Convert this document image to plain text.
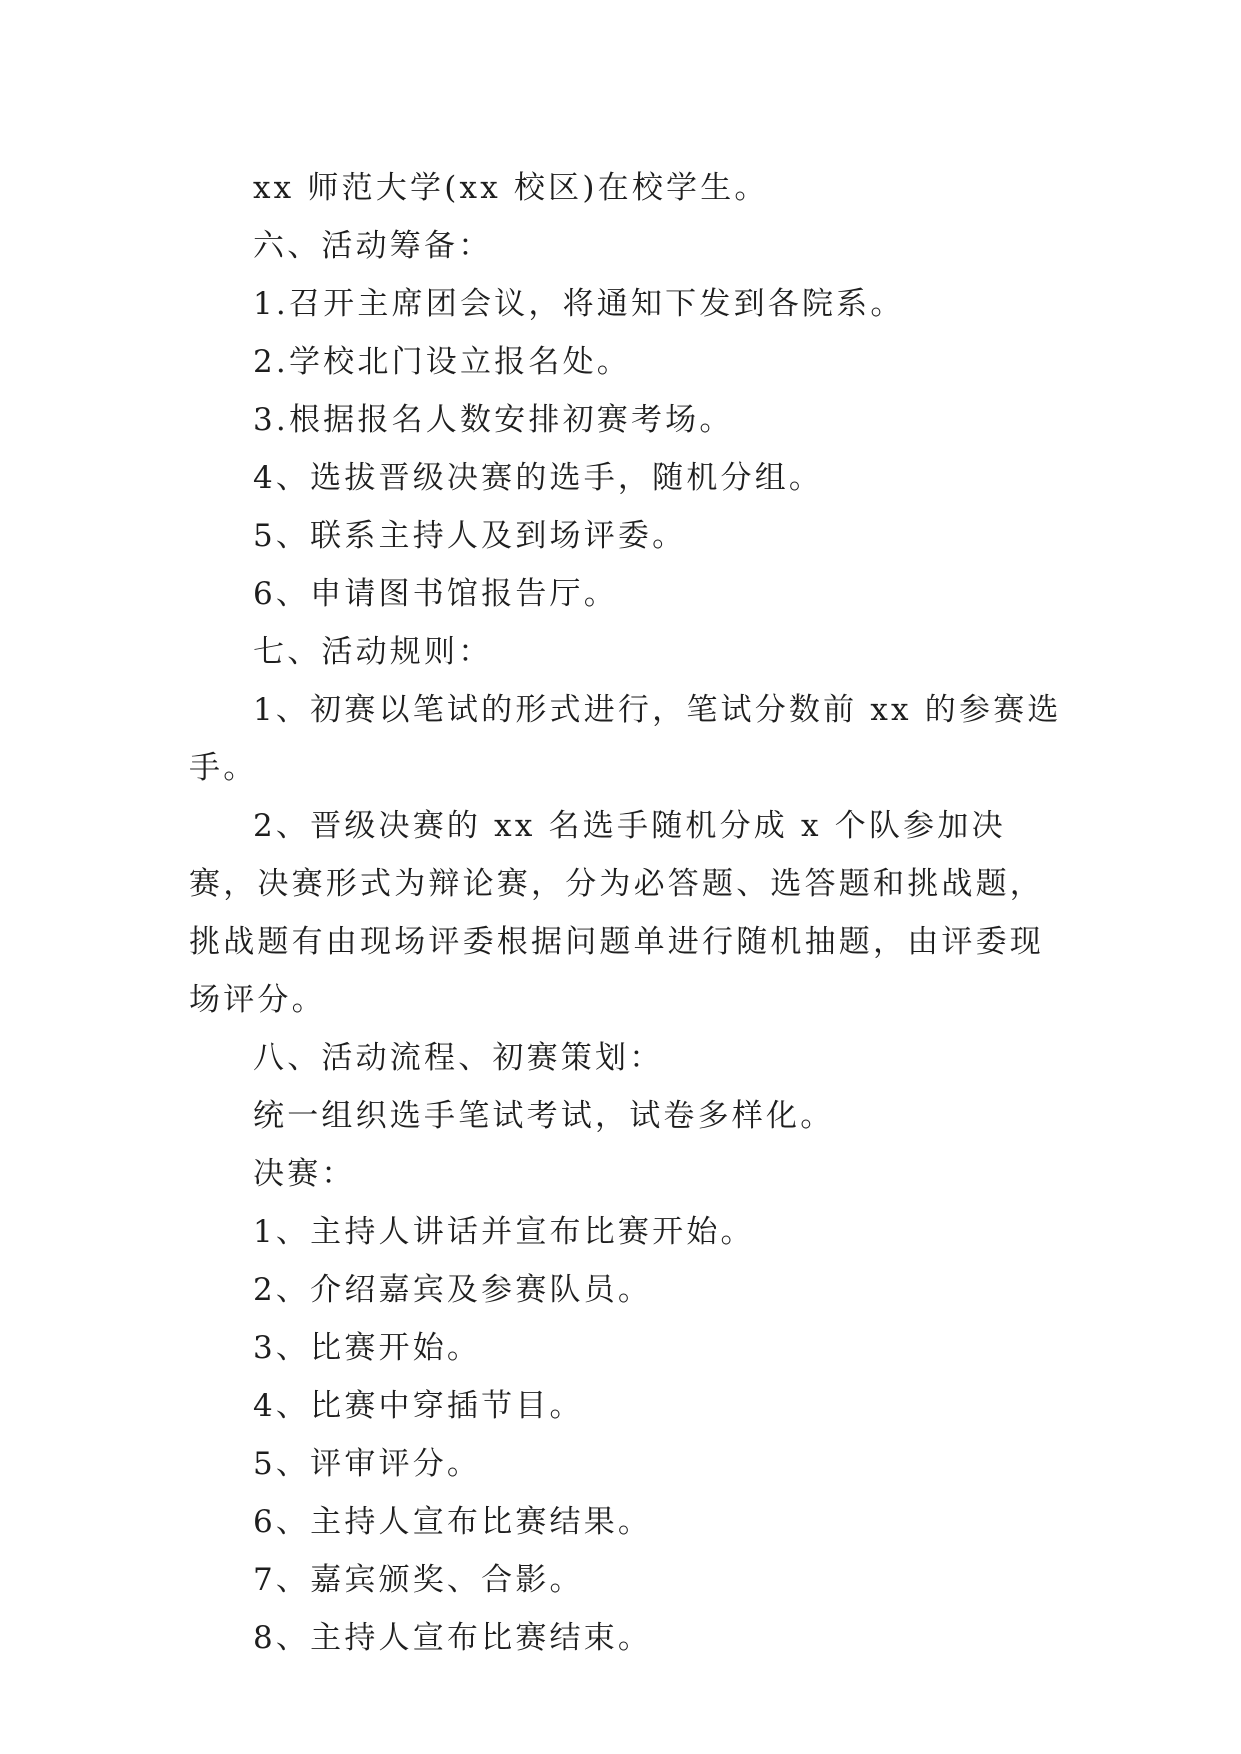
xx 师范大学(xx 校区)在校学生。

六、活动筹备：

1.召开主席团会议，将通知下发到各院系。

2.学校北门设立报名处。

3.根据报名人数安排初赛考场。

4、选拔晋级决赛的选手，随机分组。

5、联系主持人及到场评委。

6、申请图书馆报告厅。

七、活动规则：

1、初赛以笔试的形式进行，笔试分数前 xx 的参赛选手。

2、晋级决赛的 xx 名选手随机分成 x 个队参加决赛，决赛形式为辩论赛，分为必答题、选答题和挑战题，挑战题有由现场评委根据问题单进行随机抽题，由评委现场评分。

八、活动流程、初赛策划：

统一组织选手笔试考试，试卷多样化。

决赛：

1、主持人讲话并宣布比赛开始。

2、介绍嘉宾及参赛队员。

3、比赛开始。

4、比赛中穿插节目。

5、评审评分。

6、主持人宣布比赛结果。

7、嘉宾颁奖、合影。

8、主持人宣布比赛结束。
